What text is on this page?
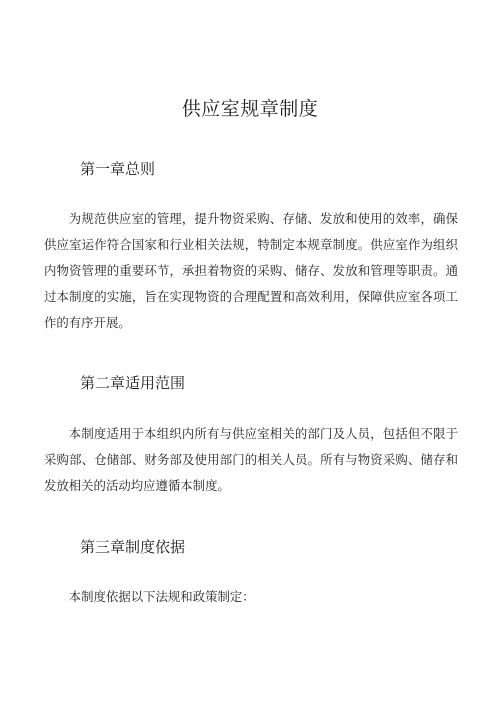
供应室规章制度
第一章总则

为规范供应室的管理，提升物资采购、存储、发放和使用的效率，确保供应室运作符合国家和行业相关法规，特制定本规章制度。供应室作为组织内物资管理的重要环节，承担着物资的采购、储存、发放和管理等职责。通过本制度的实施，旨在实现物资的合理配置和高效利用，保障供应室各项工作的有序开展。

第二章适用范围

本制度适用于本组织内所有与供应室相关的部门及人员，包括但不限于采购部、仓储部、财务部及使用部门的相关人员。所有与物资采购、储存和发放相关的活动均应遵循本制度。

第三章制度依据

本制度依据以下法规和政策制定：
